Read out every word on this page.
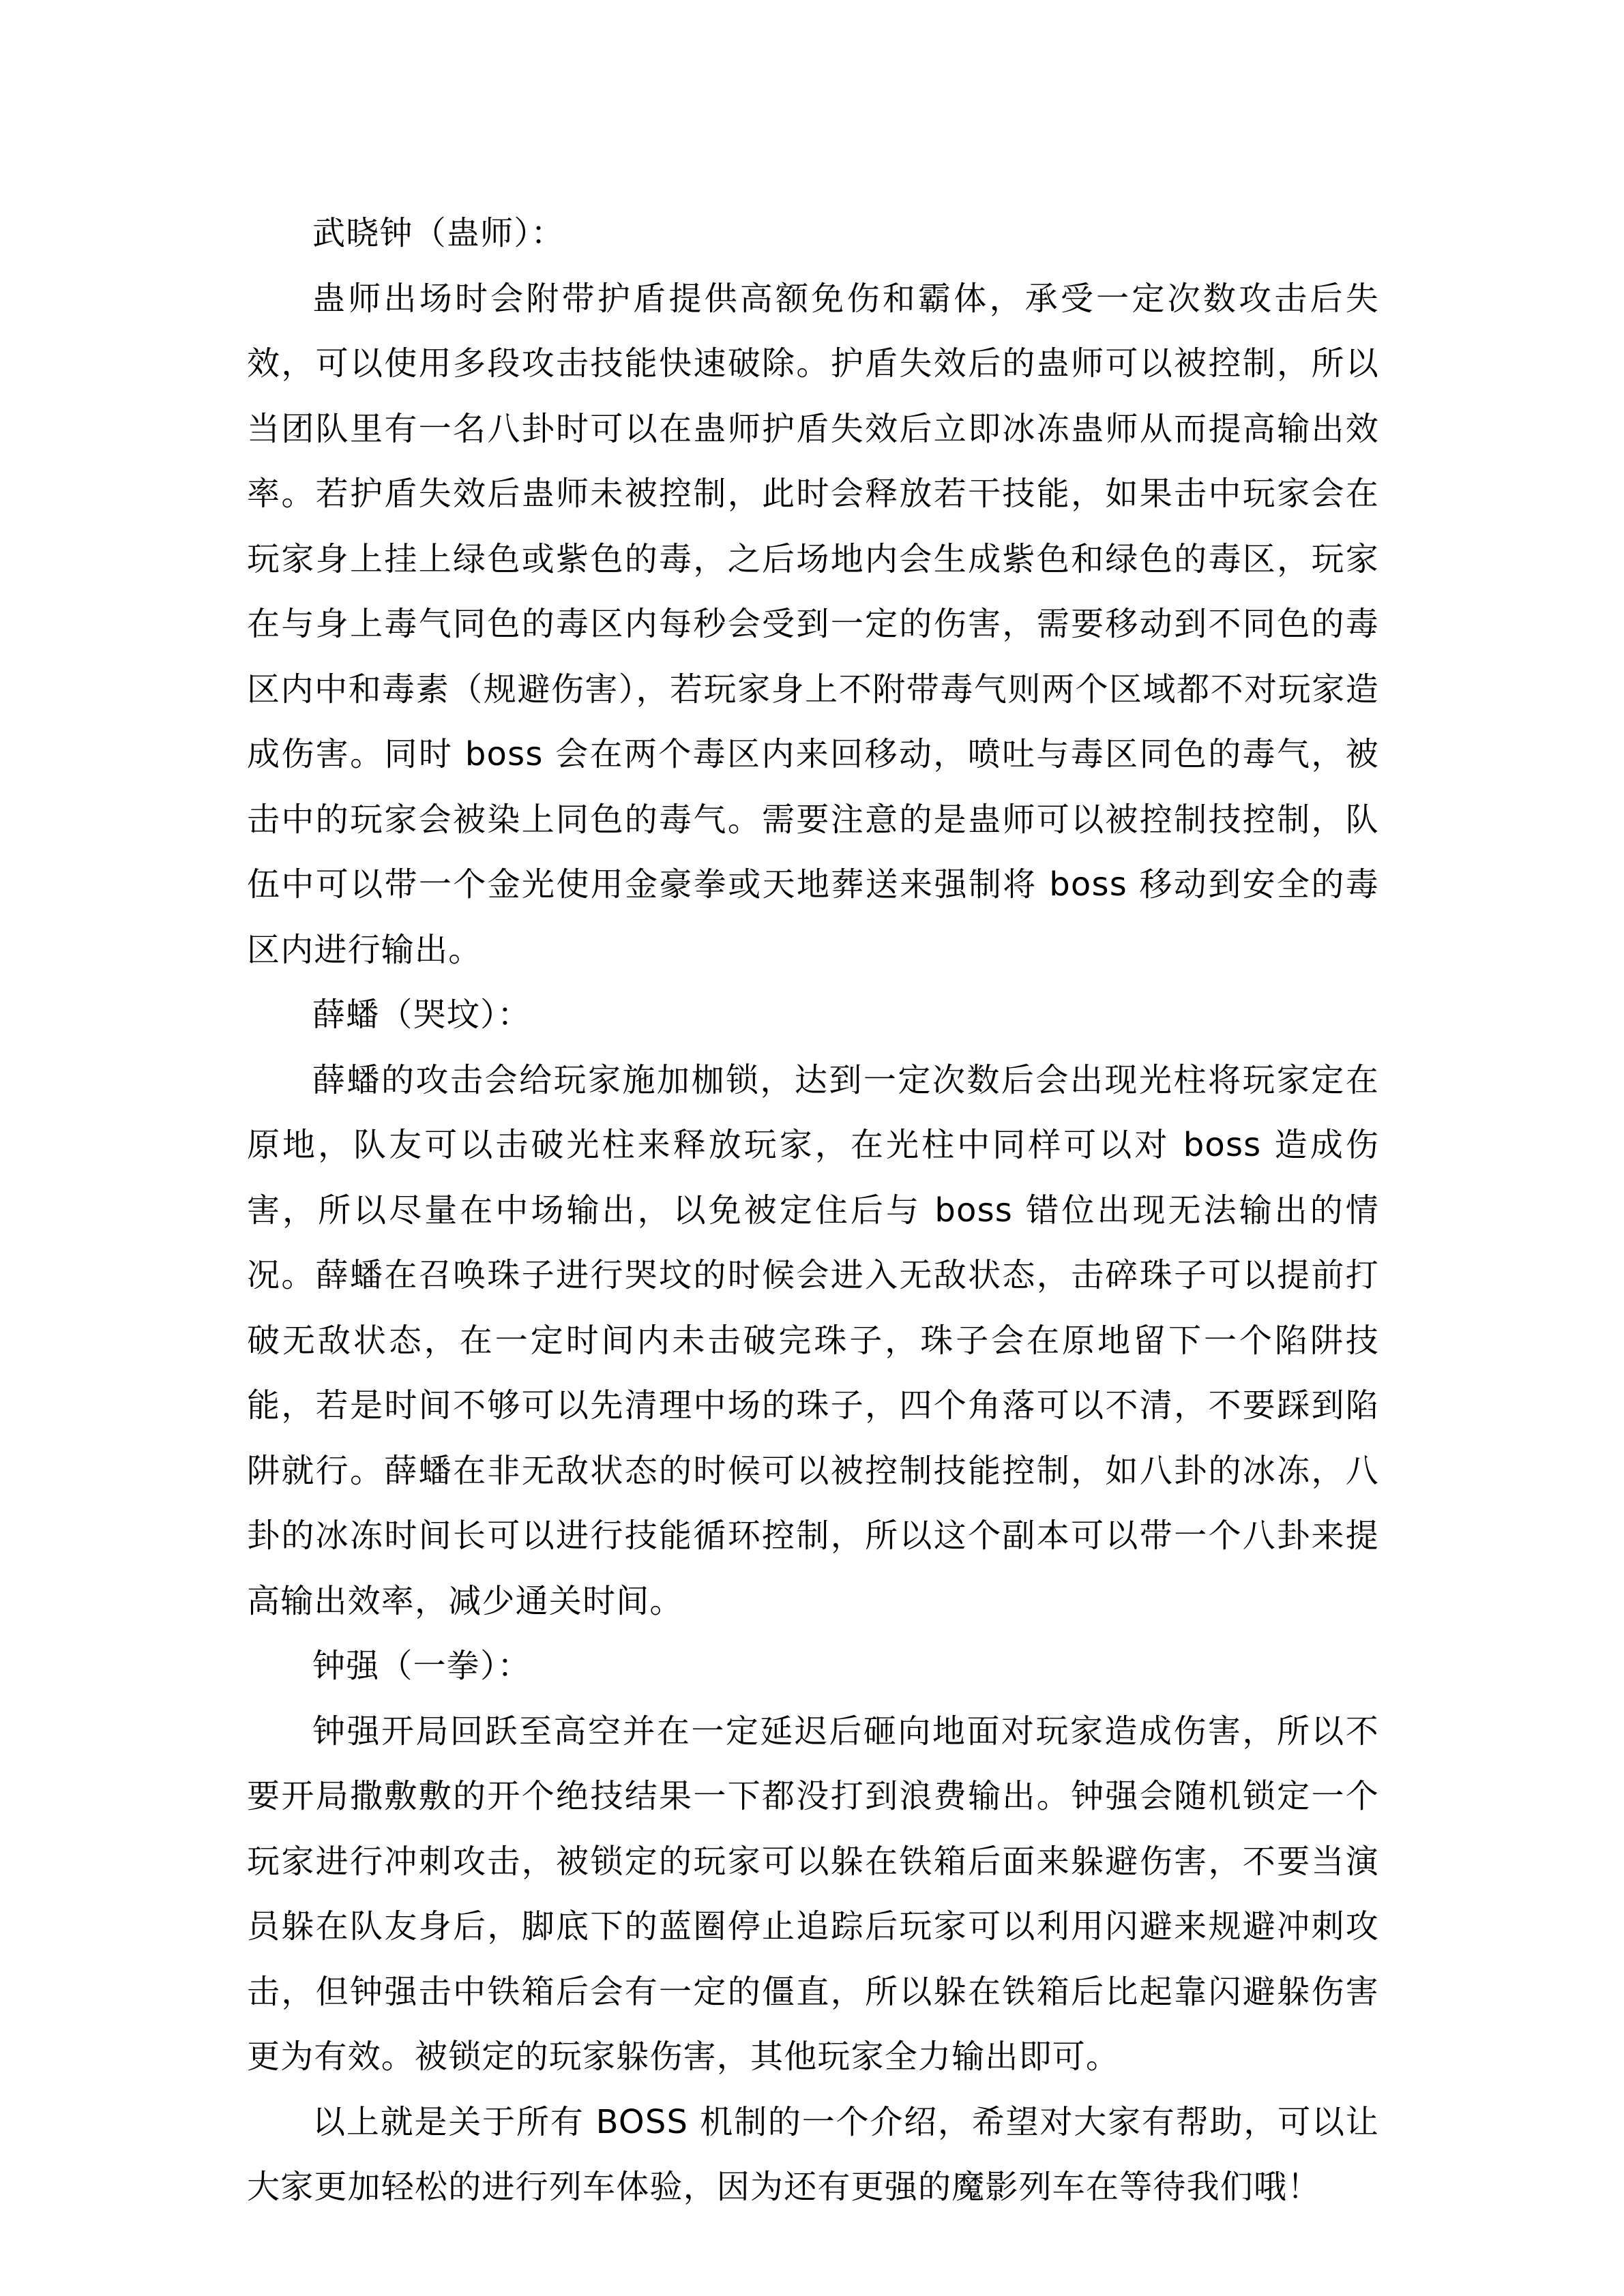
武晓钟（蛊师）：

蛊师出场时会附带护盾提供高额免伤和霸体，承受一定次数攻击后失效，可以使用多段攻击技能快速破除。护盾失效后的蛊师可以被控制，所以当团队里有一名八卦时可以在蛊师护盾失效后立即冰冻蛊师从而提高输出效率。若护盾失效后蛊师未被控制，此时会释放若干技能，如果击中玩家会在玩家身上挂上绿色或紫色的毒，之后场地内会生成紫色和绿色的毒区，玩家在与身上毒气同色的毒区内每秒会受到一定的伤害，需要移动到不同色的毒区内中和毒素（规避伤害），若玩家身上不附带毒气则两个区域都不对玩家造成伤害。同时 boss 会在两个毒区内来回移动，喷吐与毒区同色的毒气，被击中的玩家会被染上同色的毒气。需要注意的是蛊师可以被控制技控制，队伍中可以带一个金光使用金豪拳或天地葬送来强制将 boss 移动到安全的毒区内进行输出。

薛蟠（哭坟）：

薛蟠的攻击会给玩家施加枷锁，达到一定次数后会出现光柱将玩家定在原地，队友可以击破光柱来释放玩家，在光柱中同样可以对 boss 造成伤害，所以尽量在中场输出，以免被定住后与 boss 错位出现无法输出的情况。薛蟠在召唤珠子进行哭坟的时候会进入无敌状态，击碎珠子可以提前打破无敌状态，在一定时间内未击破完珠子，珠子会在原地留下一个陷阱技能，若是时间不够可以先清理中场的珠子，四个角落可以不清，不要踩到陷阱就行。薛蟠在非无敌状态的时候可以被控制技能控制，如八卦的冰冻，八卦的冰冻时间长可以进行技能循环控制，所以这个副本可以带一个八卦来提高输出效率，减少通关时间。

钟强（一拳）：

钟强开局回跃至高空并在一定延迟后砸向地面对玩家造成伤害，所以不要开局撒敷敷的开个绝技结果一下都没打到浪费输出。钟强会随机锁定一个玩家进行冲刺攻击，被锁定的玩家可以躲在铁箱后面来躲避伤害，不要当演员躲在队友身后，脚底下的蓝圈停止追踪后玩家可以利用闪避来规避冲刺攻击，但钟强击中铁箱后会有一定的僵直，所以躲在铁箱后比起靠闪避躲伤害更为有效。被锁定的玩家躲伤害，其他玩家全力输出即可。

以上就是关于所有 BOSS 机制的一个介绍，希望对大家有帮助，可以让大家更加轻松的进行列车体验，因为还有更强的魔影列车在等待我们哦！
